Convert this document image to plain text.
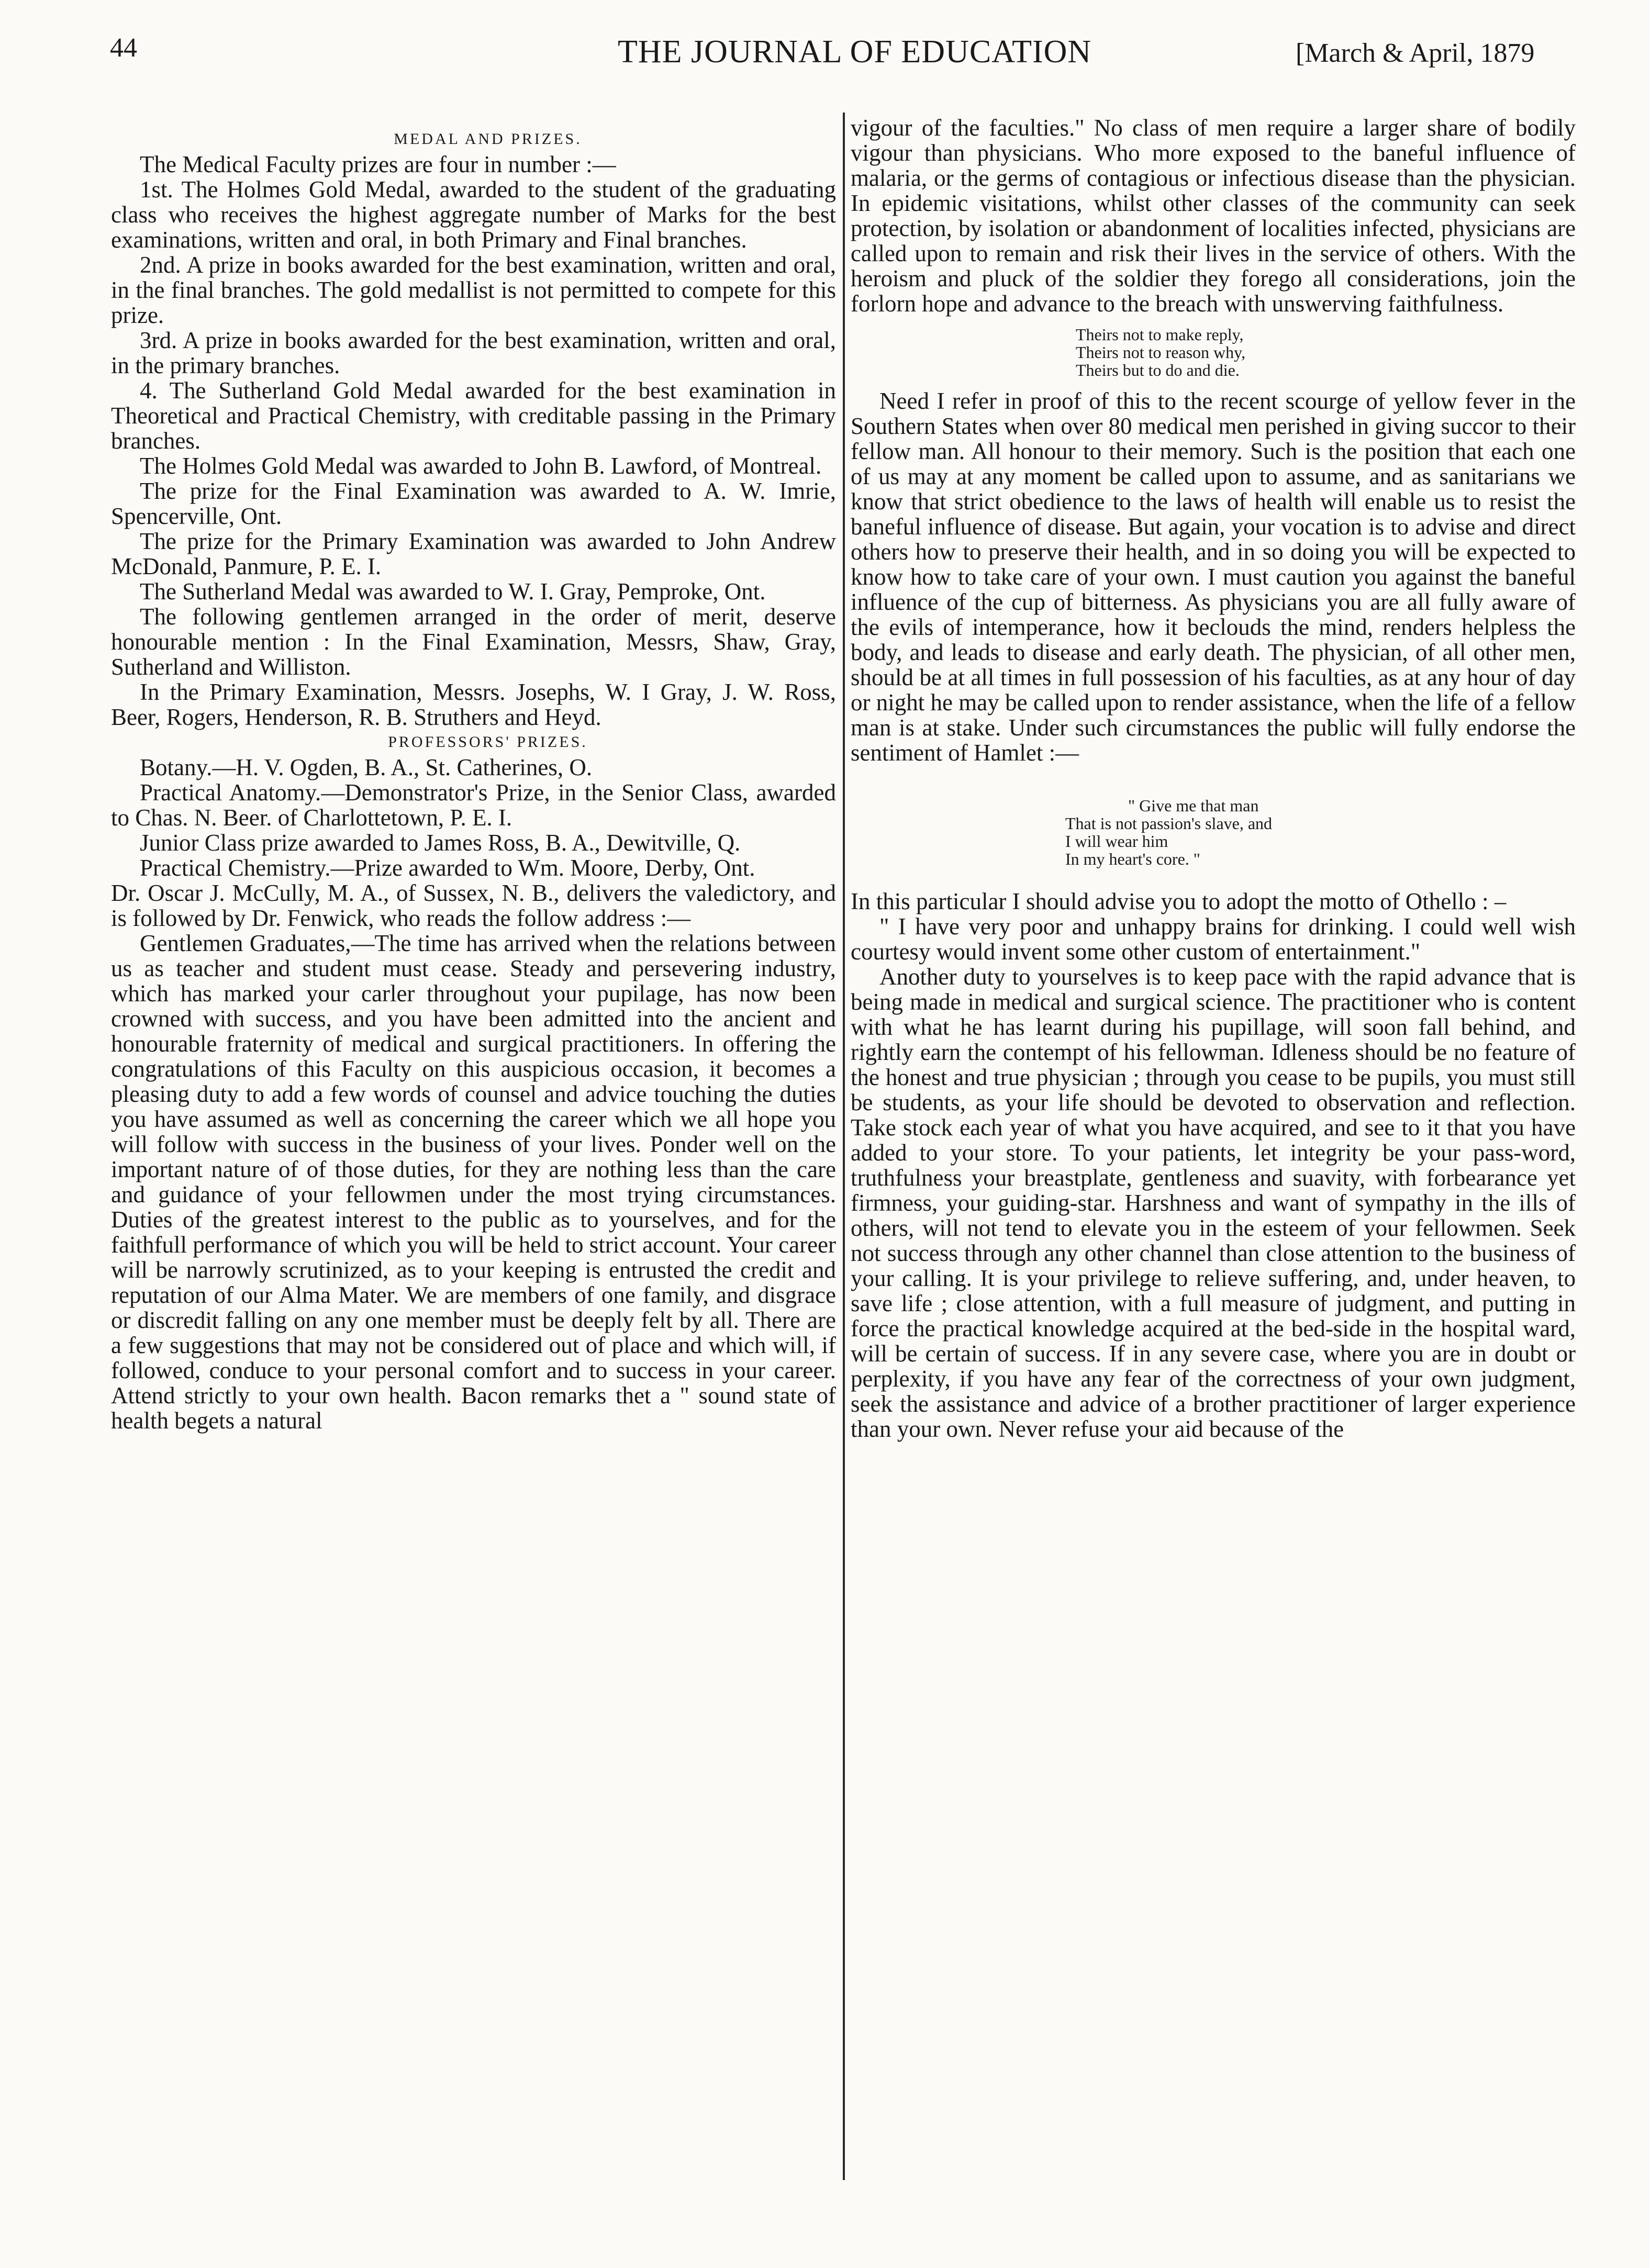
44	THE JOURNAL OF EDUCATION	[March & April, 1879

MEDAL AND PRIZES.

The Medical Faculty prizes are four in number :—

1st. The Holmes Gold Medal, awarded to the student of the graduating class who receives the highest aggregate number of Marks for the best examinations, written and oral, in both Primary and Final branches.

2nd. A prize in books awarded for the best examination, written and oral, in the final branches. The gold medallist is not permitted to compete for this prize.

3rd. A prize in books awarded for the best examination, written and oral, in the primary branches.

4. The Sutherland Gold Medal awarded for the best examination in Theoretical and Practical Chemistry, with creditable passing in the Primary branches.

The Holmes Gold Medal was awarded to John B. Lawford, of Montreal.

The prize for the Final Examination was awarded to A. W. Imrie, Spencerville, Ont.

The prize for the Primary Examination was awarded to John Andrew McDonald, Panmure, P. E. I.

The Sutherland Medal was awarded to W. I. Gray, Pemproke, Ont.

The following gentlemen arranged in the order of merit, deserve honourable mention : In the Final Examination, Messrs, Shaw, Gray, Sutherland and Williston.

In the Primary Examination, Messrs. Josephs, W. I Gray, J. W. Ross, Beer, Rogers, Henderson, R. B. Struthers and Heyd.

PROFESSORS' PRIZES.

Botany.—H. V. Ogden, B. A., St. Catherines, O.

Practical Anatomy.—Demonstrator's Prize, in the Senior Class, awarded to Chas. N. Beer. of Charlottetown, P. E. I.

Junior Class prize awarded to James Ross, B. A., Dewitville, Q.

Practical Chemistry.—Prize awarded to Wm. Moore, Derby, Ont.

Dr. Oscar J. McCully, M. A., of Sussex, N. B., delivers the valedictory, and is followed by Dr. Fenwick, who reads the follow address :—

Gentlemen Graduates,—The time has arrived when the relations between us as teacher and student must cease. Steady and persevering industry, which has marked your carler throughout your pupilage, has now been crowned with success, and you have been admitted into the ancient and honourable fraternity of medical and surgical practitioners. In offering the congratulations of this Faculty on this auspicious occasion, it becomes a pleasing duty to add a few words of counsel and advice touching the duties you have assumed as well as concerning the career which we all hope you will follow with success in the business of your lives. Ponder well on the important nature of of those duties, for they are nothing less than the care and guidance of your fellowmen under the most trying circumstances. Duties of the greatest interest to the public as to yourselves, and for the faithfull performance of which you will be held to strict account. Your career will be narrowly scrutinized, as to your keeping is entrusted the credit and reputation of our Alma Mater. We are members of one family, and disgrace or discredit falling on any one member must be deeply felt by all. There are a few suggestions that may not be considered out of place and which will, if followed, conduce to your personal comfort and to success in your career. Attend strictly to your own health. Bacon remarks thet a " sound state of health begets a natural

vigour of the faculties." No class of men require a larger share of bodily vigour than physicians. Who more exposed to the baneful influence of malaria, or the germs of contagious or infectious disease than the physician. In epidemic visitations, whilst other classes of the community can seek protection, by isolation or abandonment of localities infected, physicians are called upon to remain and risk their lives in the service of others. With the heroism and pluck of the soldier they forego all considerations, join the forlorn hope and advance to the breach with unswerving faithfulness.

Theirs not to make reply,
Theirs not to reason why,
Theirs but to do and die.

Need I refer in proof of this to the recent scourge of yellow fever in the Southern States when over 80 medical men perished in giving succor to their fellow man. All honour to their memory. Such is the position that each one of us may at any moment be called upon to assume, and as sanitarians we know that strict obedience to the laws of health will enable us to resist the baneful influence of disease. But again, your vocation is to advise and direct others how to preserve their health, and in so doing you will be expected to know how to take care of your own. I must caution you against the baneful influence of the cup of bitterness. As physicians you are all fully aware of the evils of intemperance, how it beclouds the mind, renders helpless the body, and leads to disease and early death. The physician, of all other men, should be at all times in full possession of his faculties, as at any hour of day or night he may be called upon to render assistance, when the life of a fellow man is at stake. Under such circumstances the public will fully endorse the sentiment of Hamlet :—

" Give me that man
That is not passion's slave, and
I will wear him
In my heart's core. "

In this particular I should advise you to adopt the motto of Othello : –

" I have very poor and unhappy brains for drinking. I could well wish courtesy would invent some other custom of entertainment."

Another duty to yourselves is to keep pace with the rapid advance that is being made in medical and surgical science. The practitioner who is content with what he has learnt during his pupillage, will soon fall behind, and rightly earn the contempt of his fellowman. Idleness should be no feature of the honest and true physician ; through you cease to be pupils, you must still be students, as your life should be devoted to observation and reflection. Take stock each year of what you have acquired, and see to it that you have added to your store. To your patients, let integrity be your pass-word, truthfulness your breastplate, gentleness and suavity, with forbearance yet firmness, your guiding-star. Harshness and want of sympathy in the ills of others, will not tend to elevate you in the esteem of your fellowmen. Seek not success through any other channel than close attention to the business of your calling. It is your privilege to relieve suffering, and, under heaven, to save life ; close attention, with a full measure of judgment, and putting in force the practical knowledge acquired at the bed-side in the hospital ward, will be certain of success. If in any severe case, where you are in doubt or perplexity, if you have any fear of the correctness of your own judgment, seek the assistance and advice of a brother practitioner of larger experience than your own. Never refuse your aid because of the
